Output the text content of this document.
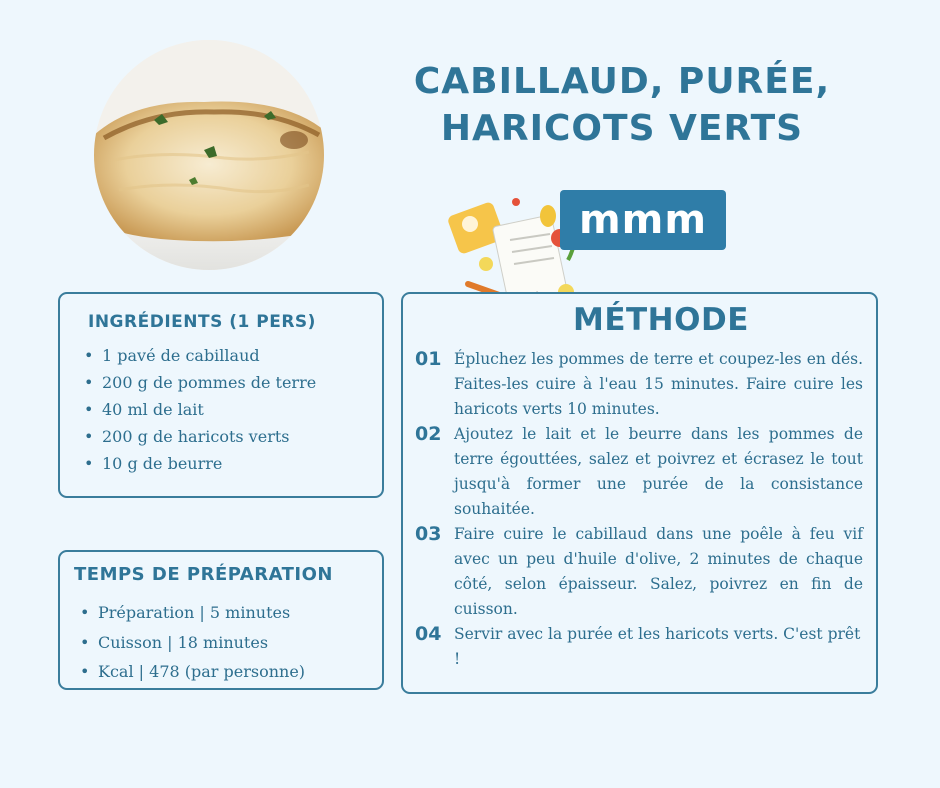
CABILLAUD, PURÉE,
HARICOTS VERTS
mmm
INGRÉDIENTS (1 PERS)
• 1 pavé de cabillaud
• 200 g de pommes de terre
• 40 ml de lait
• 200 g de haricots verts
• 10 g de beurre
TEMPS DE PRÉPARATION
• Préparation | 5 minutes
• Cuisson | 18 minutes
• Kcal | 478 (par personne)
MÉTHODE
01 Épluchez les pommes de terre et coupez-les en dés. Faites-les cuire à l'eau 15 minutes. Faire cuire les haricots verts 10 minutes.
02 Ajoutez le lait et le beurre dans les pommes de terre égouttées, salez et poivrez et écrasez le tout jusqu'à former une purée de la consistance souhaitée.
03 Faire cuire le cabillaud dans une poêle à feu vif avec un peu d'huile d'olive, 2 minutes de chaque côté, selon épaisseur. Salez, poivrez en fin de cuisson.
04 Servir avec la purée et les haricots verts. C'est prêt !
